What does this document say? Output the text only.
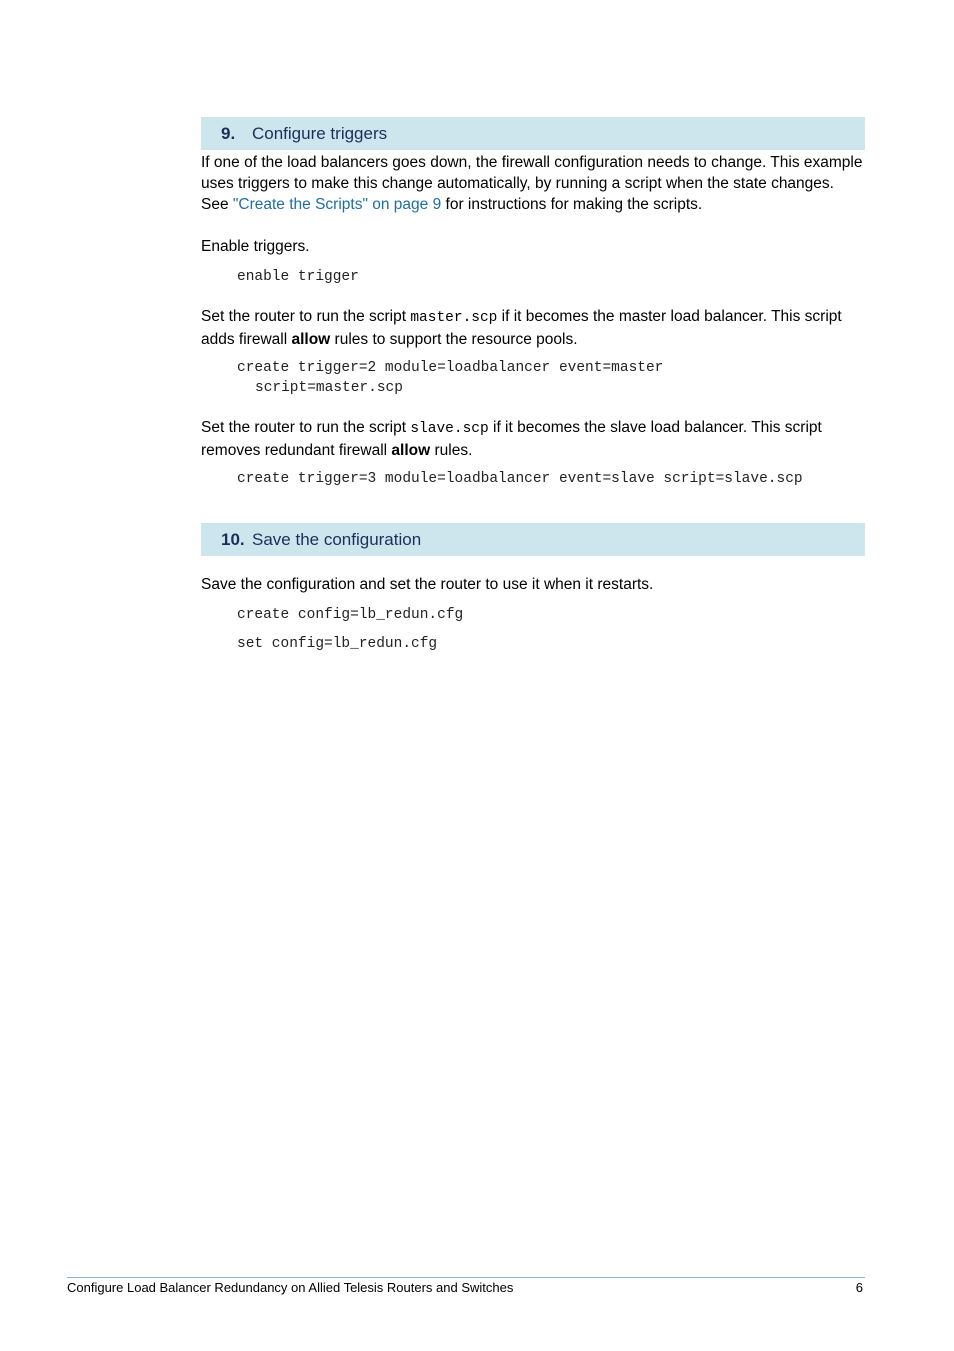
9. Configure triggers

If one of the load balancers goes down, the firewall configuration needs to change. This example uses triggers to make this change automatically, by running a script when the state changes. See "Create the Scripts" on page 9 for instructions for making the scripts.

Enable triggers.

enable trigger

Set the router to run the script master.scp if it becomes the master load balancer. This script adds firewall allow rules to support the resource pools.

create trigger=2 module=loadbalancer event=master

script=master.scp

Set the router to run the script slave.scp if it becomes the slave load balancer. This script removes redundant firewall allow rules.

create trigger=3 module=loadbalancer event=slave script=slave.scp
10. Save the configuration

Save the configuration and set the router to use it when it restarts.

create config=lb_redun.cfg
set config=lb_redun.cfg
Configure Load Balancer Redundancy on Allied Telesis Routers and Switches	6
